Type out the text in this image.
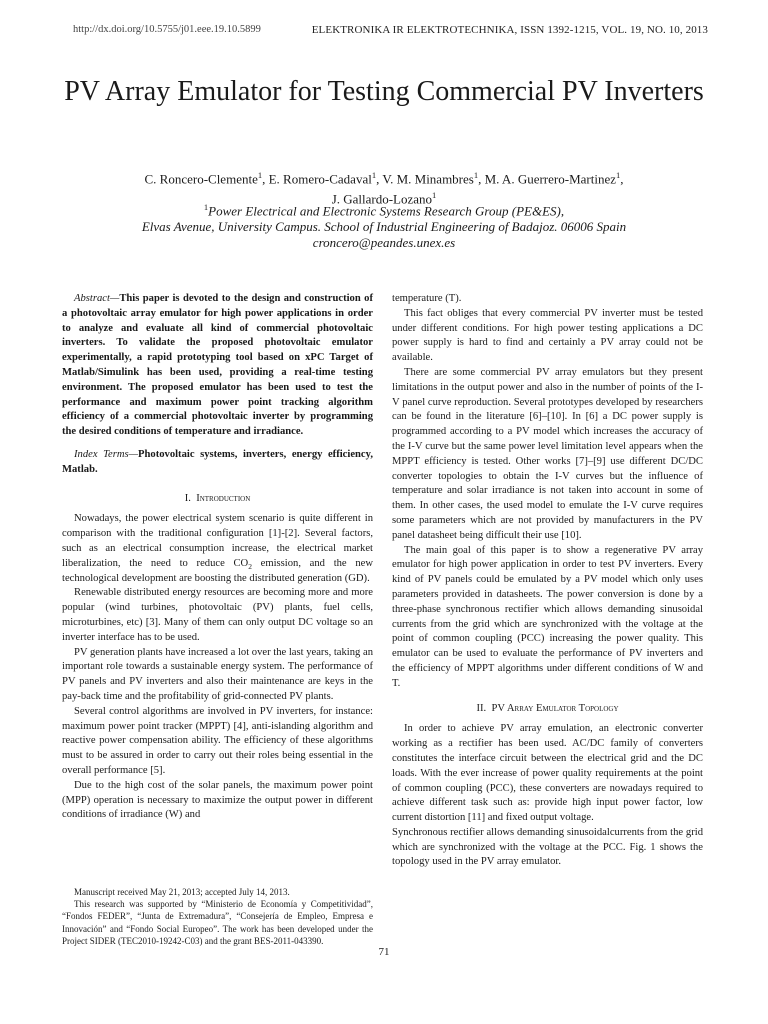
http://dx.doi.org/10.5755/j01.eee.19.10.5899	ELEKTRONIKA IR ELEKTROTECHNIKA, ISSN 1392-1215, VOL. 19, NO. 10, 2013
PV Array Emulator for Testing Commercial PV Inverters
C. Roncero-Clemente$^1$, E. Romero-Cadaval$^1$, V. M. Minambres$^1$, M. A. Guerrero-Martinez$^1$,
J. Gallardo-Lozano$^1$
$^1$Power Electrical and Electronic Systems Research Group (PE&ES),
Elvas Avenue, University Campus. School of Industrial Engineering of Badajoz. 06006 Spain
croncero@peandes.unex.es

Abstract—This paper is devoted to the design and construction of a photovoltaic array emulator for high power applications in order to analyze and evaluate all kind of commercial photovoltaic inverters. To validate the proposed photovoltaic emulator experimentally, a rapid prototyping tool based on xPC Target of Matlab/Simulink has been used, providing a real-time testing environment. The proposed emulator has been used to test the performance and maximum power point tracking algorithm efficiency of a commercial photovoltaic inverter by programming the desired conditions of temperature and irradiance.

Index Terms—Photovoltaic systems, inverters, energy efficiency, Matlab.

I. Introduction

Nowadays, the power electrical system scenario is quite different in comparison with the traditional configuration [1]-[2]. Several factors, such as an electrical consumption increase, the electrical market liberalization, the need to reduce $CO_2$ emission, and the new technological development are boosting the distributed generation (GD).

Renewable distributed energy resources are becoming more and more popular (wind turbines, photovoltaic (PV) plants, fuel cells, microturbines, etc) [3]. Many of them can only output DC voltage so an inverter interface has to be used.

PV generation plants have increased a lot over the last years, taking an important role towards a sustainable energy system. The performance of PV panels and PV inverters and also their maintenance are keys in the pay-back time and the profitability of grid-connected PV plants.

Several control algorithms are involved in PV inverters, for instance: maximum power point tracker (MPPT) [4], anti-islanding algorithm and reactive power compensation ability. The efficiency of these algorithms must to be assured in order to carry out their roles being essential in the overall performance [5].

Due to the high cost of the solar panels, the maximum power point (MPP) operation is necessary to maximize the output power in different conditions of irradiance (W) and

Manuscript received May 21, 2013; accepted July 14, 2013.

This research was supported by “Ministerio de Economía y Competitividad”, “Fondos FEDER”, “Junta de Extremadura”, “Consejería de Empleo, Empresa e Innovación” and “Fondo Social Europeo”. The work has been developed under the Project SIDER (TEC2010-19242-C03) and the grant BES-2011-043390.

temperature (T).

This fact obliges that every commercial PV inverter must be tested under different conditions. For high power testing applications a DC power supply is hard to find and certainly a PV array could not be available.

There are some commercial PV array emulators but they present limitations in the output power and also in the number of points of the I-V panel curve reproduction. Several prototypes developed by researchers can be found in the literature [6]–[10]. In [6] a DC power supply is programmed according to a PV model which increases the accuracy of the I-V curve but the same power level limitation level appears when the MPPT efficiency is tested. Other works [7]–[9] use different DC/DC converter topologies to obtain the I-V curves but the influence of temperature and solar irradiance is not taken into account in some of them. In other cases, the used model to emulate the I-V curve requires some parameters which are not provided by manufacturers in the PV panel datasheet being difficult their use [10].

The main goal of this paper is to show a regenerative PV array emulator for high power application in order to test PV inverters. Every kind of PV panels could be emulated by a PV model which only uses parameters provided in datasheets. The power conversion is done by a three-phase synchronous rectifier which allows demanding sinusoidal currents from the grid which are synchronized with the voltage at the point of common coupling (PCC) increasing the power quality. This emulator can be used to evaluate the performance of PV inverters and the efficiency of MPPT algorithms under different conditions of W and T.

II. PV Array Emulator Topology

In order to achieve PV array emulation, an electronic converter working as a rectifier has been used. AC/DC family of converters constitutes the interface circuit between the electrical grid and the DC loads. With the ever increase of power quality requirements at the point of common coupling (PCC), these converters are nowadays required to achieve different task such as: provide high input power factor, low current distortion [11] and fixed output voltage.

Synchronous rectifier allows demanding sinusoidalcurrents from the grid which are synchronized with the voltage at the PCC. Fig. 1 shows the topology used in the PV array emulator.

71
